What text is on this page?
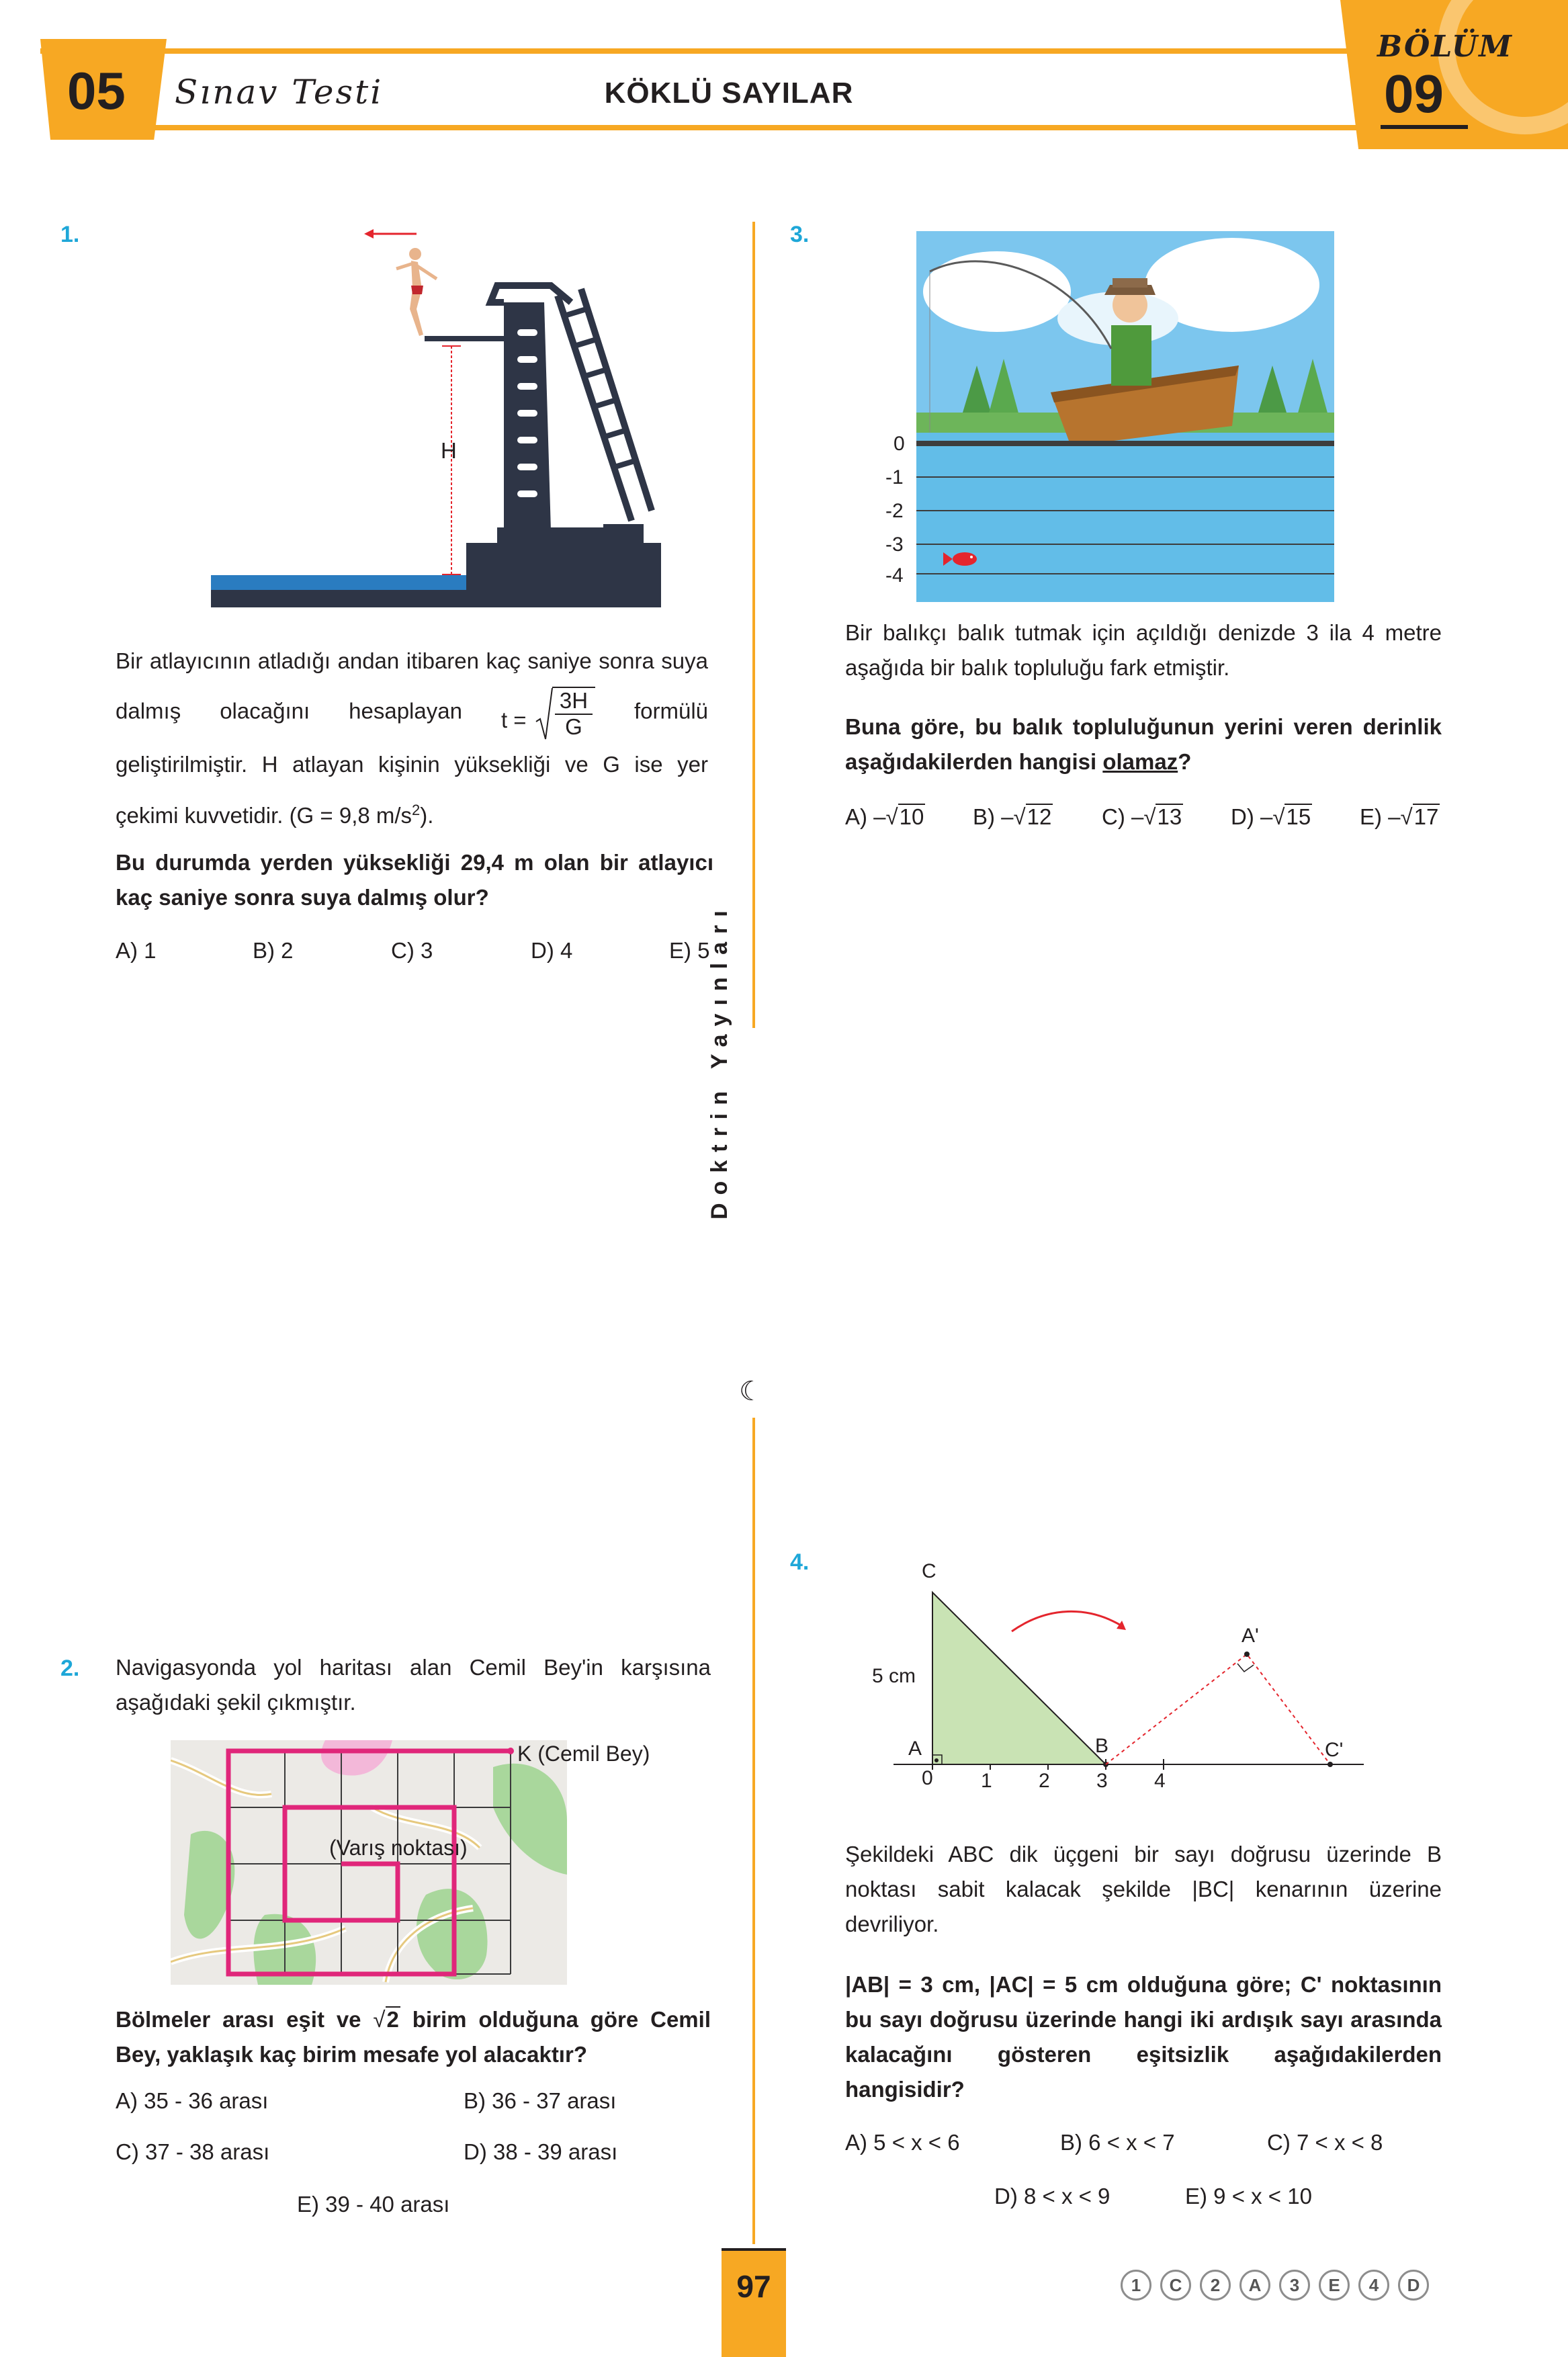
05 Sınav Testi	KÖKLÜ SAYILAR
BÖLÜM
09
Doktrin Yayınları
☾
1.
H
Bir atlayıcının atladığı andan itibaren kaç saniye sonra suya dalmış olacağını hesaplayan t =
3H
G
formülü geliştirilmiştir. H atlayan kişinin yüksekliği ve G ise yer çekimi kuvvetidir. (G = 9,8 $m/s^2$).
Bu durumda yerden yüksekliği 29,4 m olan bir atlayıcı kaç saniye sonra suya dalmış olur?
A) 1	B) 2	C) 3	D) 4	E) 5
2. Navigasyonda yol haritası alan Cemil Bey'in karşısına aşağıdaki şekil çıkmıştır.
K (Cemil Bey)
(Varış noktası)
Bölmeler arası eşit ve √2 birim olduğuna göre Cemil Bey, yaklaşık kaç birim mesafe yol alacaktır?
A) 35 - 36 arası	B) 36 - 37 arası
C) 37 - 38 arası	D) 38 - 39 arası
E) 39 - 40 arası
3.
0
-1
-2
-3
-4
Bir balıkçı balık tutmak için açıldığı denizde 3 ila 4 metre aşağıda bir balık topluluğu fark etmiştir.
Buna göre, bu balık topluluğunun yerini veren derinlik aşağıdakilerden hangisi olamaz?
A) –√10 B) –√12 C) –√13 D) –√15 E) –√17
4.	C
5 cm
A	B
A'
C'
0 1 2 3 4
Şekildeki ABC dik üçgeni bir sayı doğrusu üzerinde B noktası sabit kalacak şekilde |BC| kenarının üzerine devriliyor.
|AB| = 3 cm, |AC| = 5 cm olduğuna göre; C' noktasının bu sayı doğrusu üzerinde hangi iki ardışık sayı arasında kalacağını gösteren eşitsizlik aşağıdakilerden hangisidir?
A) 5 < x < 6	B) 6 < x < 7	C) 7 < x < 8
D) 8 < x < 9	E) 9 < x < 10
97	1	C	2	A	3	E	4	D
